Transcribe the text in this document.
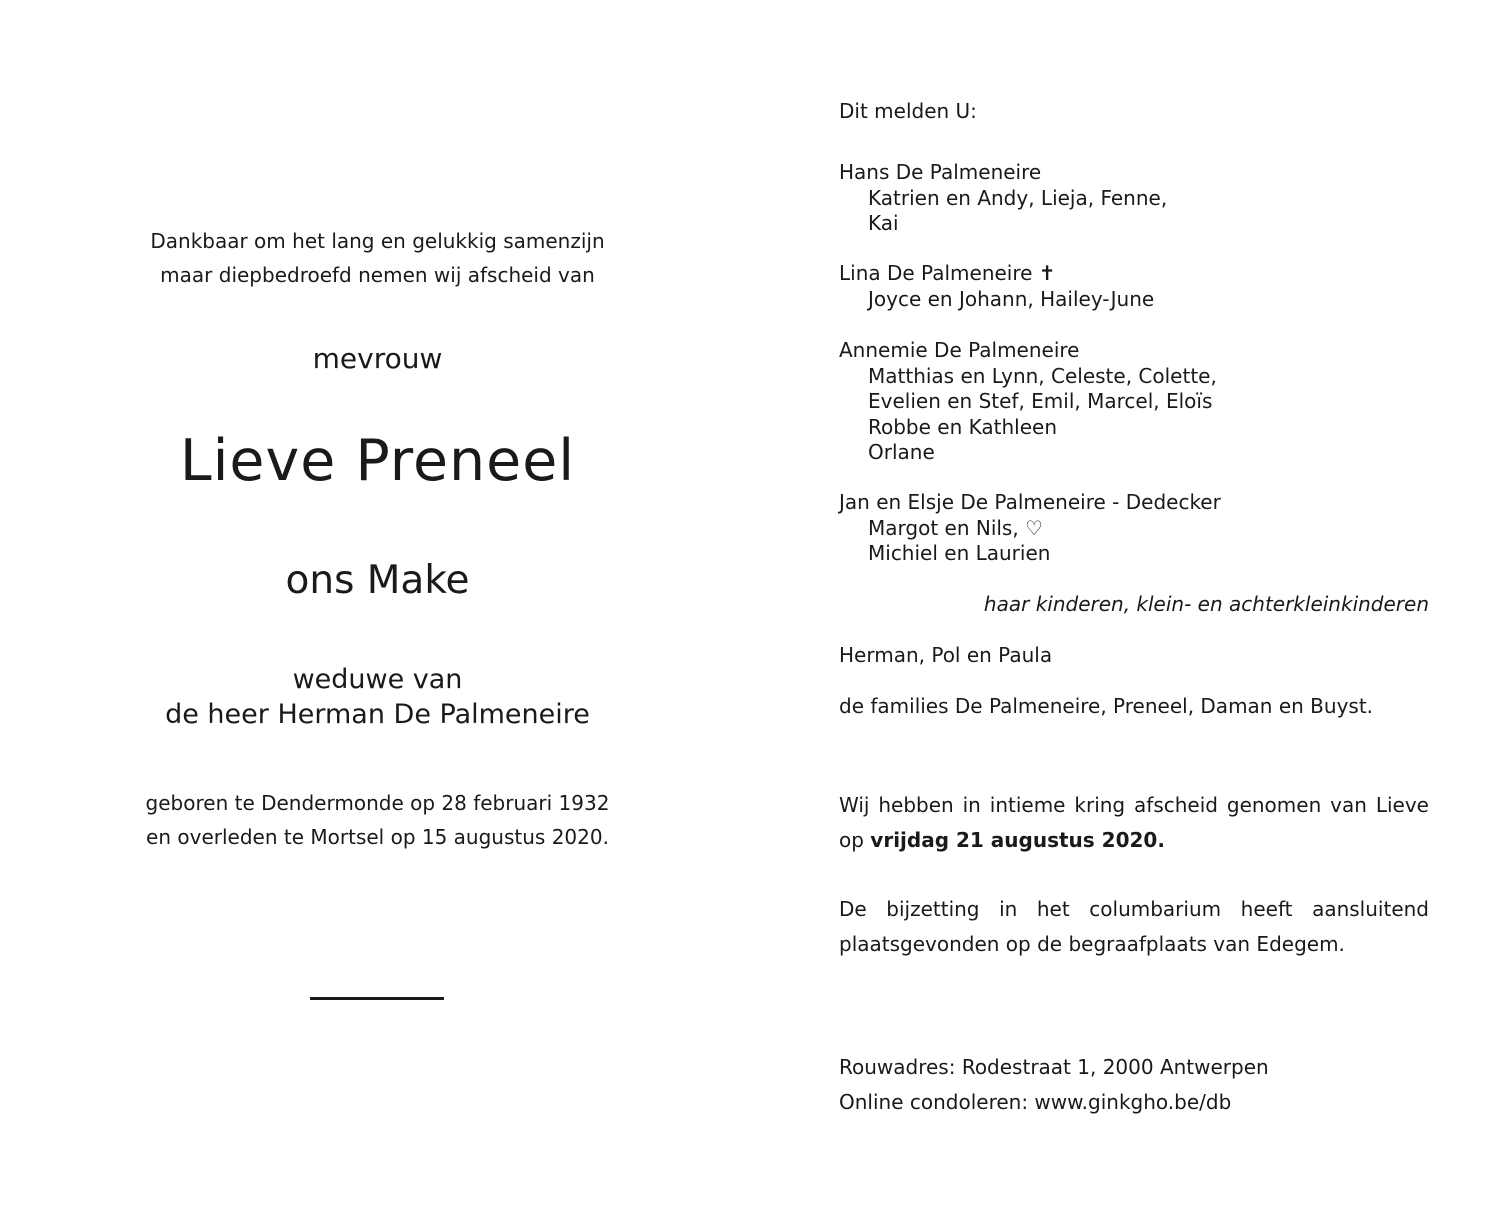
Dankbaar om het lang en gelukkig samenzijn
maar diepbedroefd nemen wij afscheid van
mevrouw
Lieve Preneel
ons Make
weduwe van
de heer Herman De Palmeneire
geboren te Dendermonde op 28 februari 1932
en overleden te Mortsel op 15 augustus 2020.
Dit melden U:
Hans De Palmeneire
Katrien en Andy, Lieja, Fenne,
Kai
Lina De Palmeneire ✝
Joyce en Johann, Hailey-June
Annemie De Palmeneire
Matthias en Lynn, Celeste, Colette,
Evelien en Stef, Emil, Marcel, Eloïs
Robbe en Kathleen
Orlane
Jan en Elsje De Palmeneire - Dedecker
Margot en Nils, ♡
Michiel en Laurien
haar kinderen, klein- en achterkleinkinderen
Herman, Pol en Paula
de families De Palmeneire, Preneel, Daman en Buyst.
Wij hebben in intieme kring afscheid genomen van Lieve op vrijdag 21 augustus 2020.
De bijzetting in het columbarium heeft aansluitend plaatsgevonden op de begraafplaats van Edegem.
Rouwadres: Rodestraat 1, 2000 Antwerpen
Online condoleren: www.ginkgho.be/db
